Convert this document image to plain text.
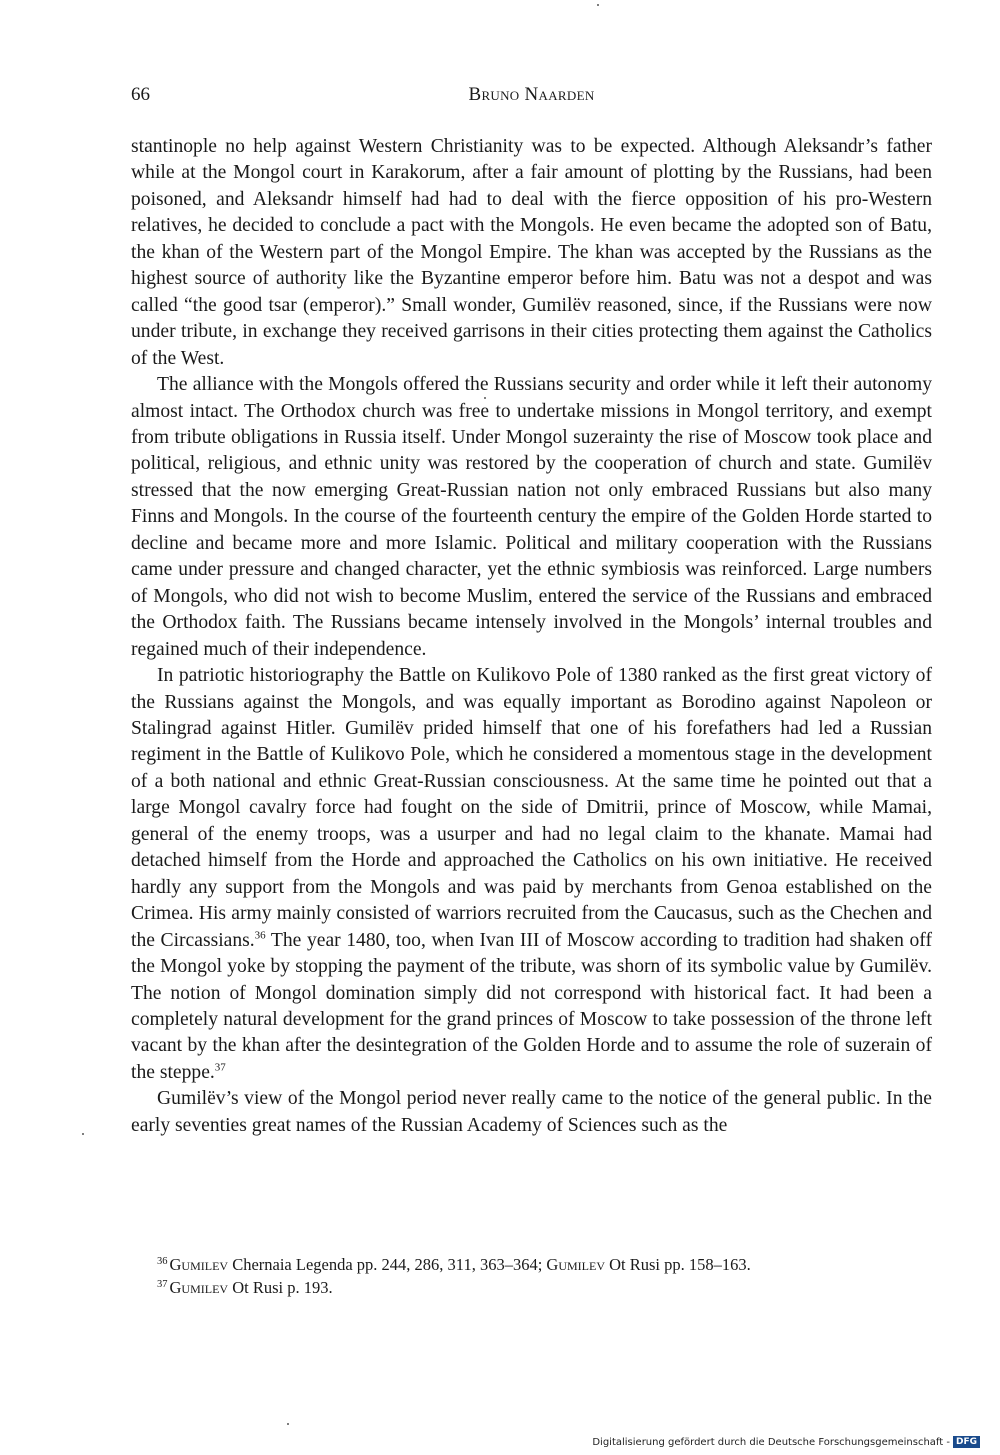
66	Bruno Naarden

stantinople no help against Western Christianity was to be expected. Although Aleksandr’s father while at the Mongol court in Karakorum, after a fair amount of plotting by the Russians, had been poisoned, and Aleksandr himself had had to deal with the fierce opposition of his pro-Western relatives, he decided to conclude a pact with the Mongols. He even became the adopted son of Batu, the khan of the Western part of the Mongol Empire. The khan was accepted by the Russians as the highest source of authority like the Byzantine emperor before him. Batu was not a despot and was called “the good tsar (emperor).” Small wonder, Gumilëv reasoned, since, if the Russians were now under tribute, in exchange they received garrisons in their cities protecting them against the Catholics of the West.

The alliance with the Mongols offered the Russians security and order while it left their autonomy almost intact. The Orthodox church was free to undertake missions in Mongol territory, and exempt from tribute obligations in Russia itself. Under Mongol suzerainty the rise of Moscow took place and political, religious, and ethnic unity was restored by the cooperation of church and state. Gumilëv stressed that the now emerging Great-Russian nation not only embraced Russians but also many Finns and Mongols. In the course of the fourteenth century the empire of the Golden Horde started to decline and became more and more Islamic. Political and military cooperation with the Russians came under pressure and changed character, yet the ethnic symbiosis was reinforced. Large numbers of Mongols, who did not wish to become Muslim, entered the service of the Russians and embraced the Orthodox faith. The Russians became intensely involved in the Mongols’ internal troubles and regained much of their independence.

In patriotic historiography the Battle on Kulikovo Pole of 1380 ranked as the first great victory of the Russians against the Mongols, and was equally important as Borodino against Napoleon or Stalingrad against Hitler. Gumilëv prided himself that one of his forefathers had led a Russian regiment in the Battle of Kulikovo Pole, which he considered a momentous stage in the development of a both national and ethnic Great-Russian consciousness. At the same time he pointed out that a large Mongol cavalry force had fought on the side of Dmitrii, prince of Moscow, while Mamai, general of the enemy troops, was a usurper and had no legal claim to the khanate. Mamai had detached himself from the Horde and approached the Catholics on his own initiative. He received hardly any support from the Mongols and was paid by merchants from Genoa established on the Crimea. His army mainly consisted of warriors recruited from the Caucasus, such as the Chechen and the Circassians.$^{36}$ The year 1480, too, when Ivan III of Moscow according to tradition had shaken off the Mongol yoke by stopping the payment of the tribute, was shorn of its symbolic value by Gumilëv. The notion of Mongol domination simply did not correspond with historical fact. It had been a completely natural development for the grand princes of Moscow to take possession of the throne left vacant by the khan after the desintegration of the Golden Horde and to assume the role of suzerain of the steppe.$^{37}$

Gumilëv’s view of the Mongol period never really came to the notice of the general public. In the early seventies great names of the Russian Academy of Sciences such as the

$^{36}$ Gumilev Chernaia Legenda pp. 244, 286, 311, 363–364; Gumilev Ot Rusi pp. 158–163.
$^{37}$ Gumilev Ot Rusi p. 193.
Digitalisierung gefördert durch die Deutsche Forschungsgemeinschaft - DFG
